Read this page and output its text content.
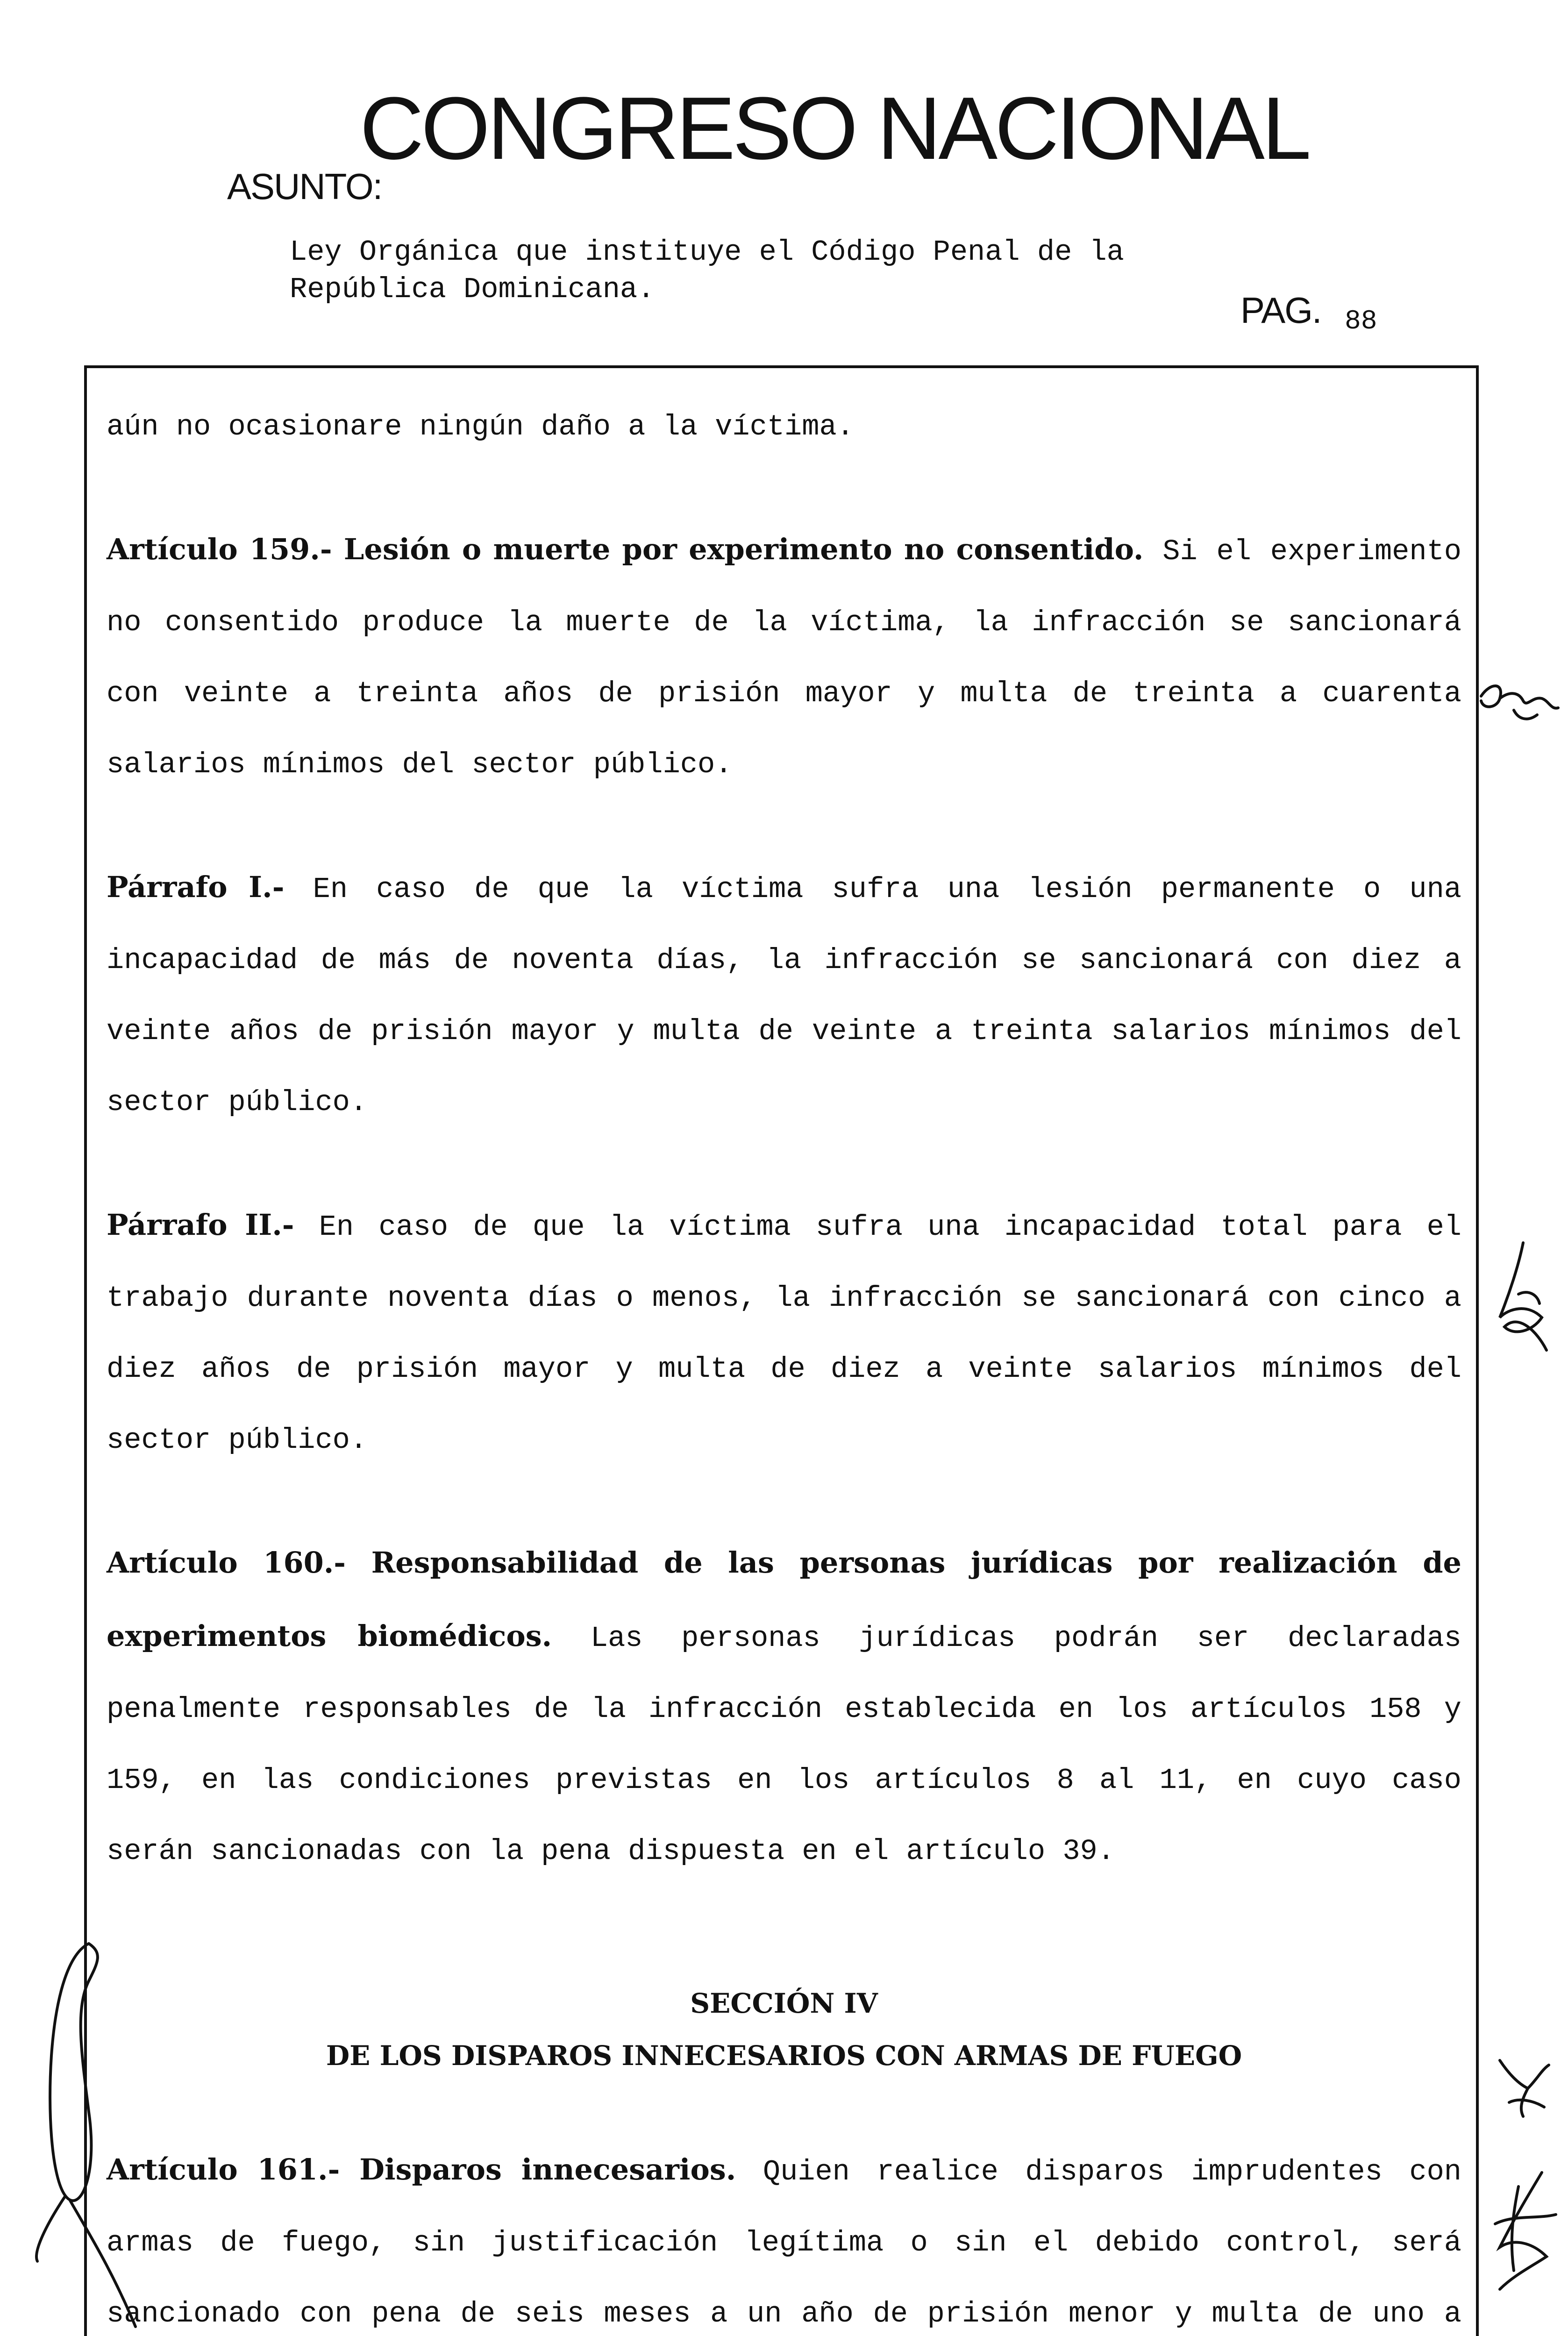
CONGRESO NACIONAL
ASUNTO:
Ley Orgánica que instituye el Código Penal de la
República Dominicana.
PAG. 88

aún no ocasionare ningún daño a la víctima.

Artículo 159.- Lesión o muerte por experimento no consentido. Si el experimento no consentido produce la muerte de la víctima, la infracción se sancionará con veinte a treinta años de prisión mayor y multa de treinta a cuarenta salarios mínimos del sector público.

Párrafo I.- En caso de que la víctima sufra una lesión permanente o una incapacidad de más de noventa días, la infracción se sancionará con diez a veinte años de prisión mayor y multa de veinte a treinta salarios mínimos del sector público.

Párrafo II.- En caso de que la víctima sufra una incapacidad total para el trabajo durante noventa días o menos, la infracción se sancionará con cinco a diez años de prisión mayor y multa de diez a veinte salarios mínimos del sector público.

Artículo 160.- Responsabilidad de las personas jurídicas por realización de experimentos biomédicos. Las personas jurídicas podrán ser declaradas penalmente responsables de la infracción establecida en los artículos 158 y 159, en las condiciones previstas en los artículos 8 al 11, en cuyo caso serán sancionadas con la pena dispuesta en el artículo 39.

SECCIÓN IV
DE LOS DISPAROS INNECESARIOS CON ARMAS DE FUEGO

Artículo 161.- Disparos innecesarios. Quien realice disparos imprudentes con armas de fuego, sin justificación legítima o sin el debido control, será sancionado con pena de seis meses a un año de prisión menor y multa de uno a
